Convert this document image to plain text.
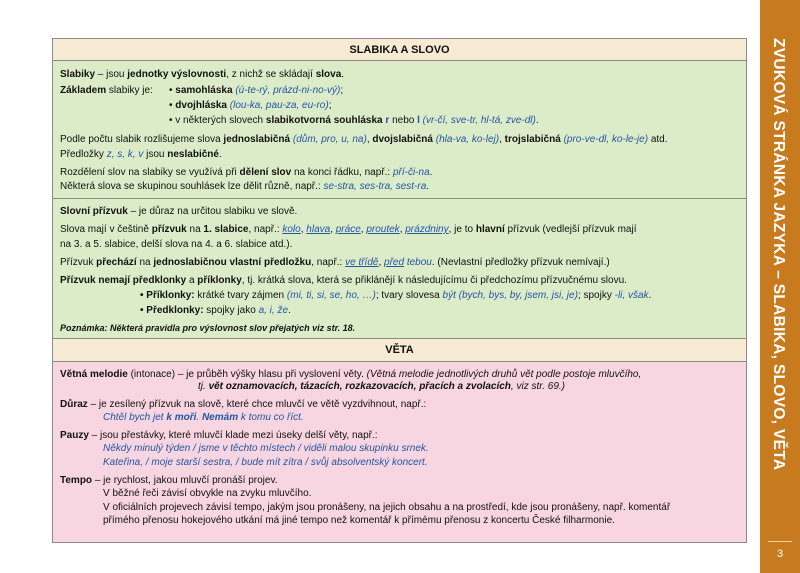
ZVUKOVÁ STRÁNKA JAZYKA – SLABIKA, SLOVO, VĚTA
3
SLABIKA A SLOVO
Slabiky – jsou jednotky výslovnosti, z nichž se skládají slova.
Základem slabiky je: • samohláska (ú-te-rý, prázd-ni-no-vý);
• dvojhláska (lou-ka, pau-za, eu-ro);
• v některých slovech slabikotvorná souhláska r nebo l (vr-čí, sve-tr, hl-tá, zve-dl).
Podle počtu slabik rozlišujeme slova jednoslabičná (dům, pro, u, na), dvojslabičná (hla-va, ko-lej), trojslabičná (pro-ve-dl, ko-le-je) atd.
Předložky z, s, k, v jsou neslabičné.
Rozdělení slov na slabiky se využívá při dělení slov na konci řádku, např.: pří-či-na.
Některá slova se skupinou souhlásek lze dělit různě, např.: se-stra, ses-tra, sest-ra.
Slovní přízvuk – je důraz na určitou slabiku ve slově.
Slova mají v češtině přízvuk na 1. slabice, např.: kolo, hlava, práce, proutek, prázdniny, je to hlavní přízvuk (vedlejší přízvuk mají
na 3. a 5. slabice, delší slova na 4. a 6. slabice atd.).
Přízvuk přechází na jednoslabičnou vlastní předložku, např.: ve třídě, před tebou. (Nevlastní předložky přízvuk nemívají.)
Přízvuk nemají předklonky a příklonky, tj. krátká slova, která se přiklánějí k následujícímu či předchozímu přízvučnému slovu.
• Příklonky: krátké tvary zájmen (mi, ti, si, se, ho, …); tvary slovesa být (bych, bys, by, jsem, jsi, je); spojky -li, však.
• Předklonky: spojky jako a, i, že.
Poznámka: Některá pravidla pro výslovnost slov přejatých viz str. 18.
VĚTA
Větná melodie (intonace) – je průběh výšky hlasu při vyslovení věty. (Větná melodie jednotlivých druhů vět podle postoje mluvčího,
tj. vět oznamovacích, tázacích, rozkazovacích, přacích a zvolacích, viz str. 69.)
Důraz – je zesílený přízvuk na slově, které chce mluvčí ve větě vyzdvihnout, např.:
Chtěl bych jet k moři. Nemám k tomu co říct.
Pauzy – jsou přestávky, které mluvčí klade mezi úseky delší věty, např.:
Někdy minulý týden / jsme v těchto místech / viděli malou skupinku srnek.
Kateřina, / moje starší sestra, / bude mít zítra / svůj absolventský koncert.
Tempo – je rychlost, jakou mluvčí pronáší projev.
V běžné řeči závisí obvykle na zvyku mluvčího.
V oficiálních projevech závisí tempo, jakým jsou pronášeny, na jejich obsahu a na prostředí, kde jsou pronášeny, např. komentář
přímého přenosu hokejového utkání má jiné tempo než komentář k přímému přenosu z koncertu České filharmonie.
